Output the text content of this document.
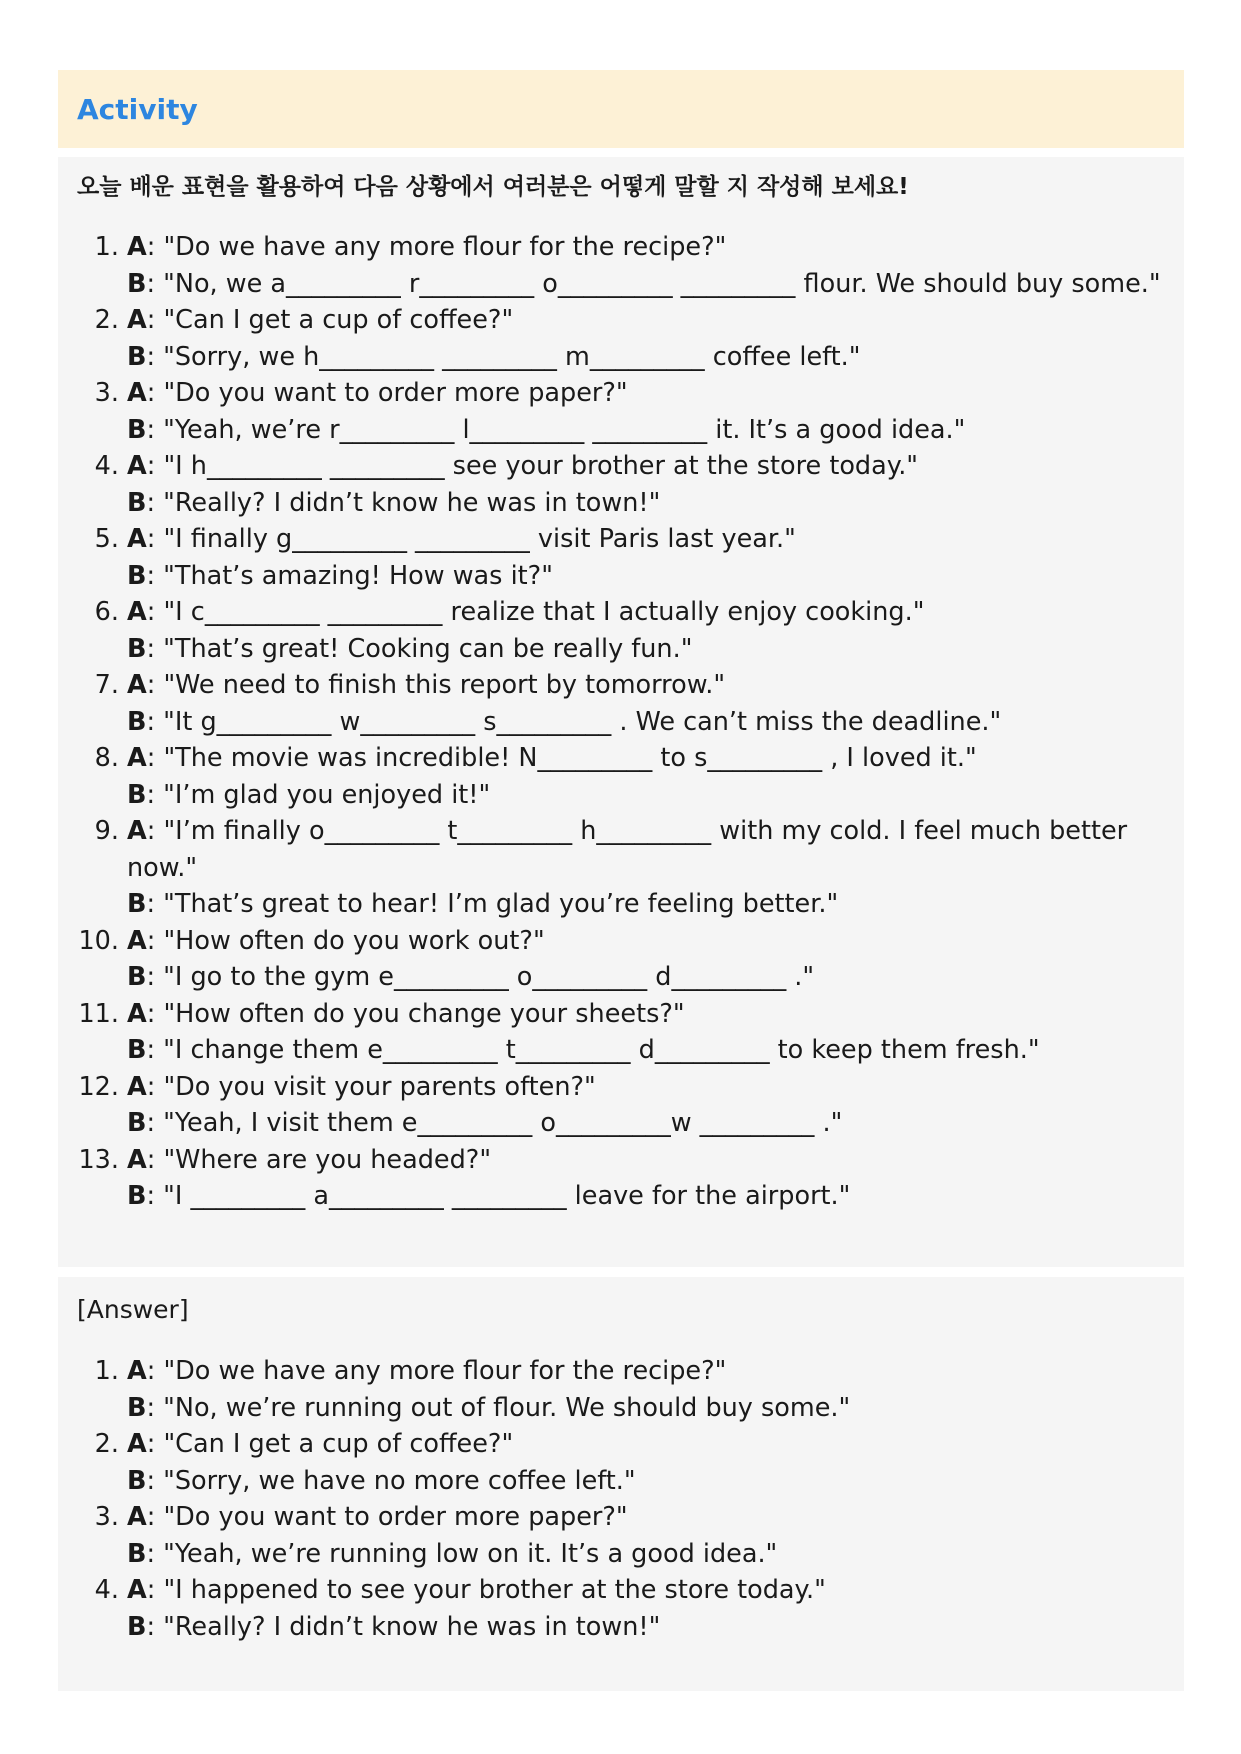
Activity

오늘 배운 표현을 활용하여 다음 상황에서 여러분은 어떻게 말할 지 작성해 보세요!

1. A: "Do we have any more flour for the recipe?"
B: "No, we a_________ r_________ o_________ _________ flour. We should buy some."
2. A: "Can I get a cup of coffee?"
B: "Sorry, we h_________ _________ m_________ coffee left."
3. A: "Do you want to order more paper?"
B: "Yeah, we’re r_________ l_________ _________ it. It’s a good idea."
4. A: "I h_________ _________ see your brother at the store today."
B: "Really? I didn’t know he was in town!"
5. A: "I finally g_________ _________ visit Paris last year."
B: "That’s amazing! How was it?"
6. A: "I c_________ _________ realize that I actually enjoy cooking."
B: "That’s great! Cooking can be really fun."
7. A: "We need to finish this report by tomorrow."
B: "It g_________ w_________ s_________ . We can’t miss the deadline."
8. A: "The movie was incredible! N_________ to s_________ , I loved it."
B: "I’m glad you enjoyed it!"
9. A: "I’m finally o_________ t_________ h_________ with my cold. I feel much better now."
B: "That’s great to hear! I’m glad you’re feeling better."
10. A: "How often do you work out?"
B: "I go to the gym e_________ o_________ d_________ ."
11. A: "How often do you change your sheets?"
B: "I change them e_________ t_________ d_________ to keep them fresh."
12. A: "Do you visit your parents often?"
B: "Yeah, I visit them e_________ o_________w _________ ."
13. A: "Where are you headed?"
B: "I _________ a_________ _________ leave for the airport."

[Answer]

1. A: "Do we have any more flour for the recipe?"
B: "No, we’re running out of flour. We should buy some."
2. A: "Can I get a cup of coffee?"
B: "Sorry, we have no more coffee left."
3. A: "Do you want to order more paper?"
B: "Yeah, we’re running low on it. It’s a good idea."
4. A: "I happened to see your brother at the store today."
B: "Really? I didn’t know he was in town!"
